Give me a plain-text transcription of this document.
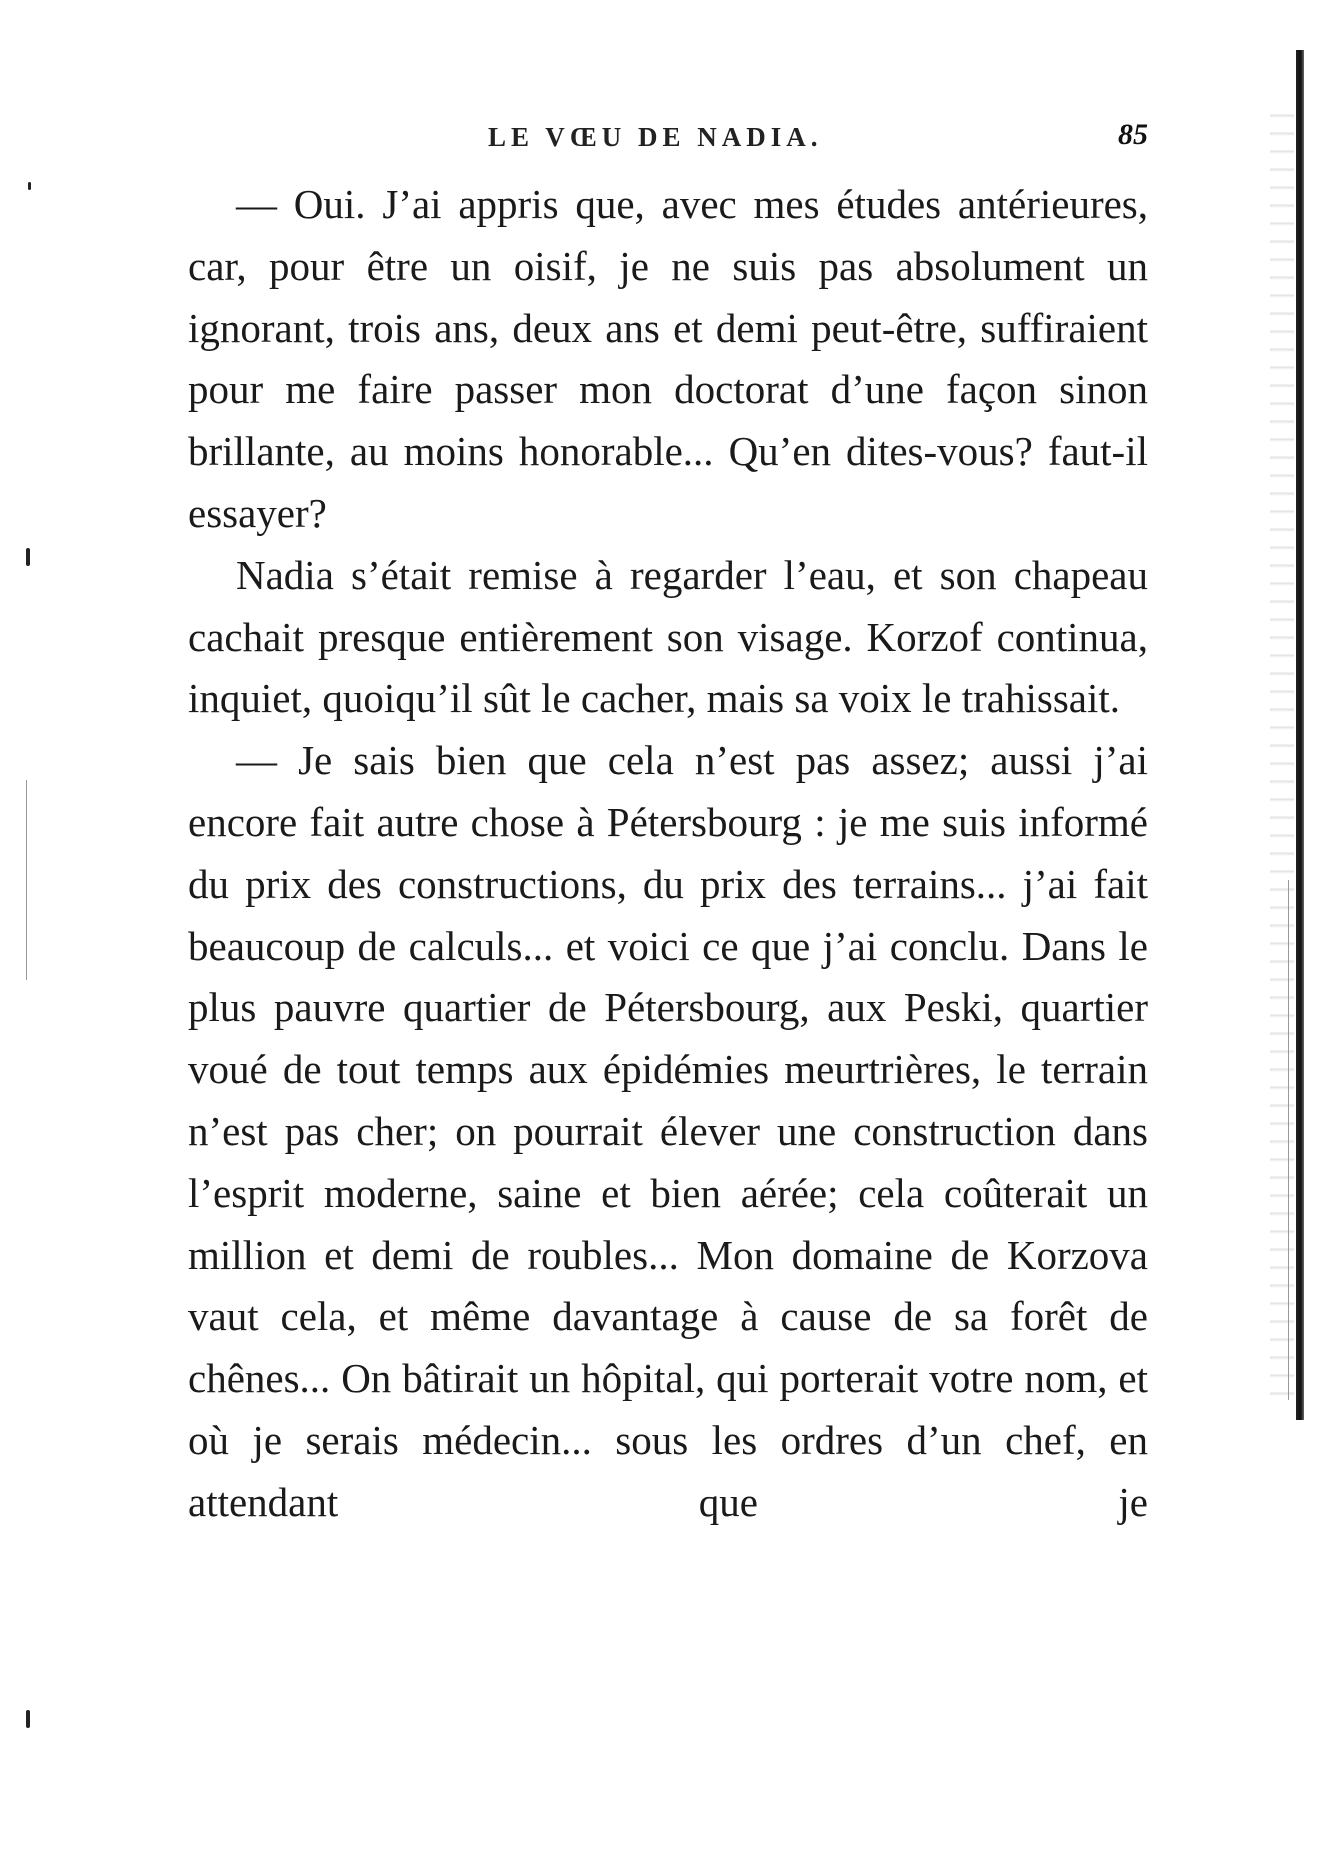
LE VŒU DE NADIA.	85

— Oui. J’ai appris que, avec mes études antérieures, car, pour être un oisif, je ne suis pas absolument un ignorant, trois ans, deux ans et demi peut-être, suffiraient pour me faire passer mon doctorat d’une façon sinon brillante, au moins honorable... Qu’en dites-vous? faut-il essayer?

Nadia s’était remise à regarder l’eau, et son chapeau cachait presque entièrement son visage. Korzof continua, inquiet, quoiqu’il sût le cacher, mais sa voix le trahissait.

— Je sais bien que cela n’est pas assez; aussi j’ai encore fait autre chose à Pétersbourg : je me suis informé du prix des constructions, du prix des terrains... j’ai fait beaucoup de calculs... et voici ce que j’ai conclu. Dans le plus pauvre quartier de Pétersbourg, aux Peski, quartier voué de tout temps aux épidémies meurtrières, le terrain n’est pas cher; on pourrait élever une construction dans l’esprit moderne, saine et bien aérée; cela coûterait un million et demi de roubles... Mon domaine de Korzova vaut cela, et même davantage à cause de sa forêt de chênes... On bâtirait un hôpital, qui porterait votre nom, et où je serais médecin... sous les ordres d’un chef, en attendant que je
